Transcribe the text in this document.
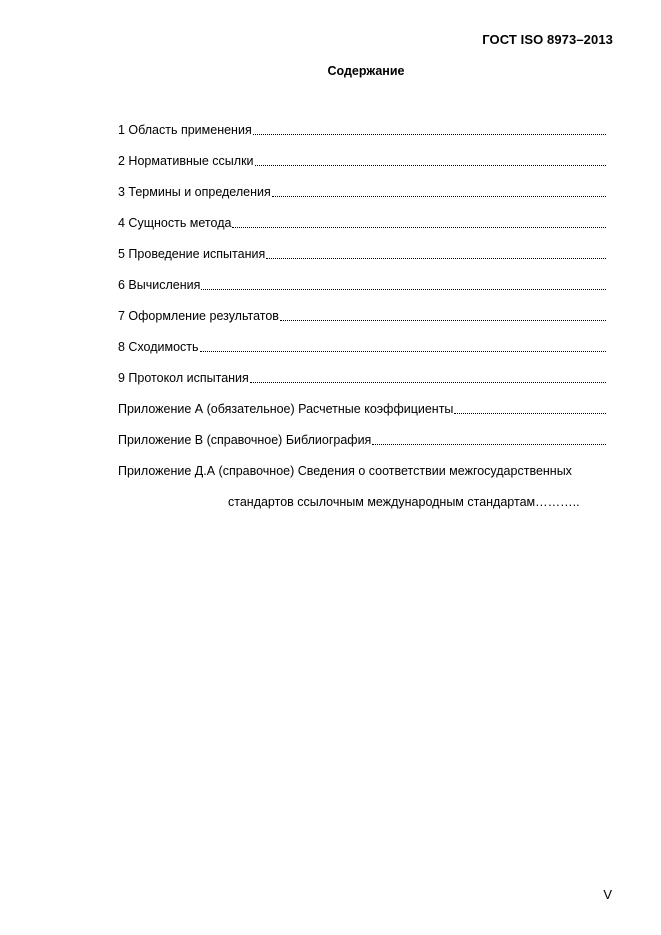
ГОСТ ISO 8973–2013
Содержание
1 Область применения
2 Нормативные ссылки
3 Термины и определения
4 Сущность метода
5 Проведение испытания
6 Вычисления
7 Оформление результатов
8 Сходимость
9 Протокол испытания
Приложение А (обязательное) Расчетные коэффициенты
Приложение В (справочное) Библиография
Приложение Д.А (справочное) Сведения о соответствии межгосударственных
стандартов ссылочным международным стандартам………..
V
